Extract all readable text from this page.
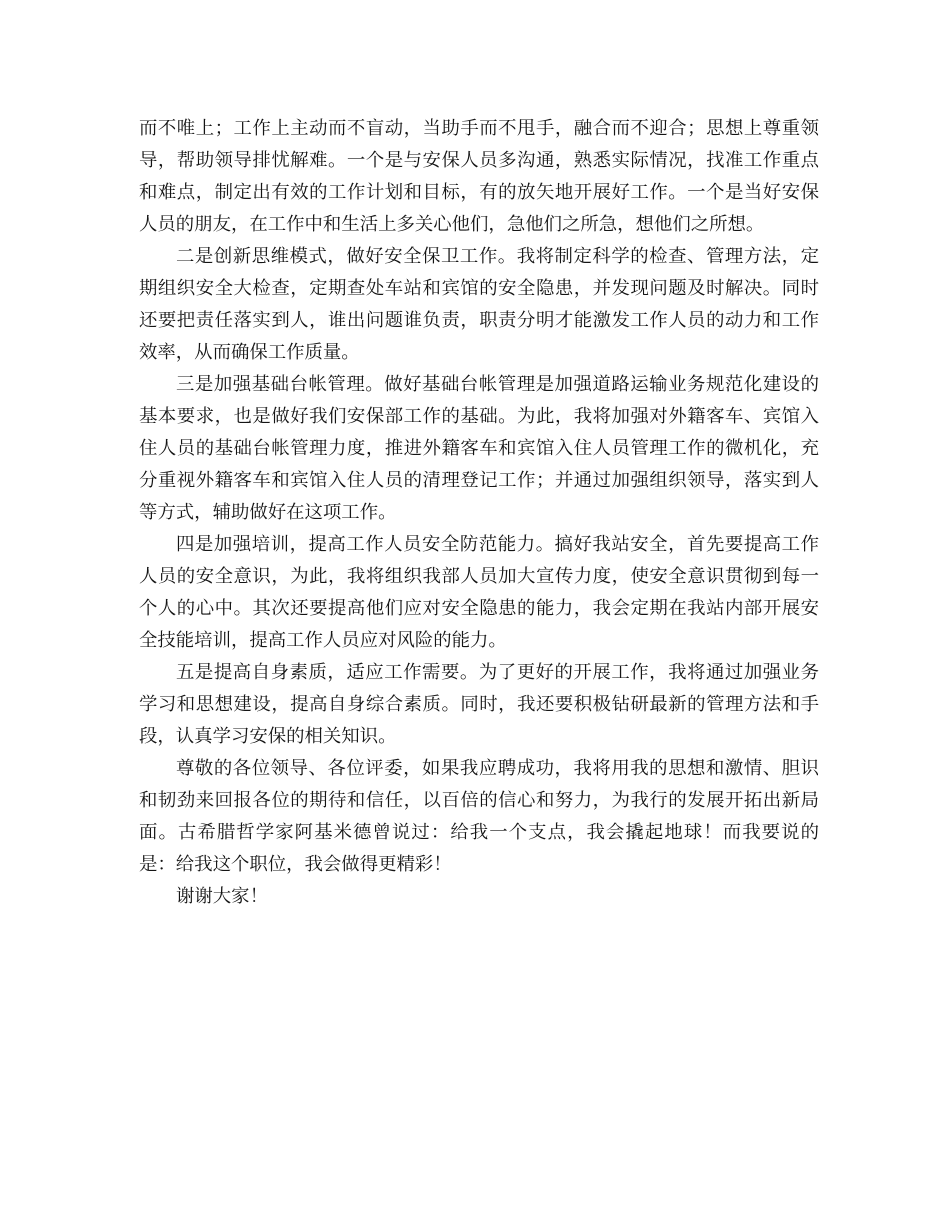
而不唯上；工作上主动而不盲动，当助手而不甩手，融合而不迎合；思想上尊重领导，帮助领导排忧解难。一个是与安保人员多沟通，熟悉实际情况，找准工作重点和难点，制定出有效的工作计划和目标，有的放矢地开展好工作。一个是当好安保人员的朋友，在工作中和生活上多关心他们，急他们之所急，想他们之所想。

二是创新思维模式，做好安全保卫工作。我将制定科学的检查、管理方法，定期组织安全大检查，定期查处车站和宾馆的安全隐患，并发现问题及时解决。同时还要把责任落实到人，谁出问题谁负责，职责分明才能激发工作人员的动力和工作效率，从而确保工作质量。

三是加强基础台帐管理。做好基础台帐管理是加强道路运输业务规范化建设的基本要求，也是做好我们安保部工作的基础。为此，我将加强对外籍客车、宾馆入住人员的基础台帐管理力度，推进外籍客车和宾馆入住人员管理工作的微机化，充分重视外籍客车和宾馆入住人员的清理登记工作；并通过加强组织领导，落实到人等方式，辅助做好在这项工作。

四是加强培训，提高工作人员安全防范能力。搞好我站安全，首先要提高工作人员的安全意识，为此，我将组织我部人员加大宣传力度，使安全意识贯彻到每一个人的心中。其次还要提高他们应对安全隐患的能力，我会定期在我站内部开展安全技能培训，提高工作人员应对风险的能力。

五是提高自身素质，适应工作需要。为了更好的开展工作，我将通过加强业务学习和思想建设，提高自身综合素质。同时，我还要积极钻研最新的管理方法和手段，认真学习安保的相关知识。

尊敬的各位领导、各位评委，如果我应聘成功，我将用我的思想和激情、胆识和韧劲来回报各位的期待和信任，以百倍的信心和努力，为我行的发展开拓出新局面。古希腊哲学家阿基米德曾说过：给我一个支点，我会撬起地球！而我要说的是：给我这个职位，我会做得更精彩！

谢谢大家！
